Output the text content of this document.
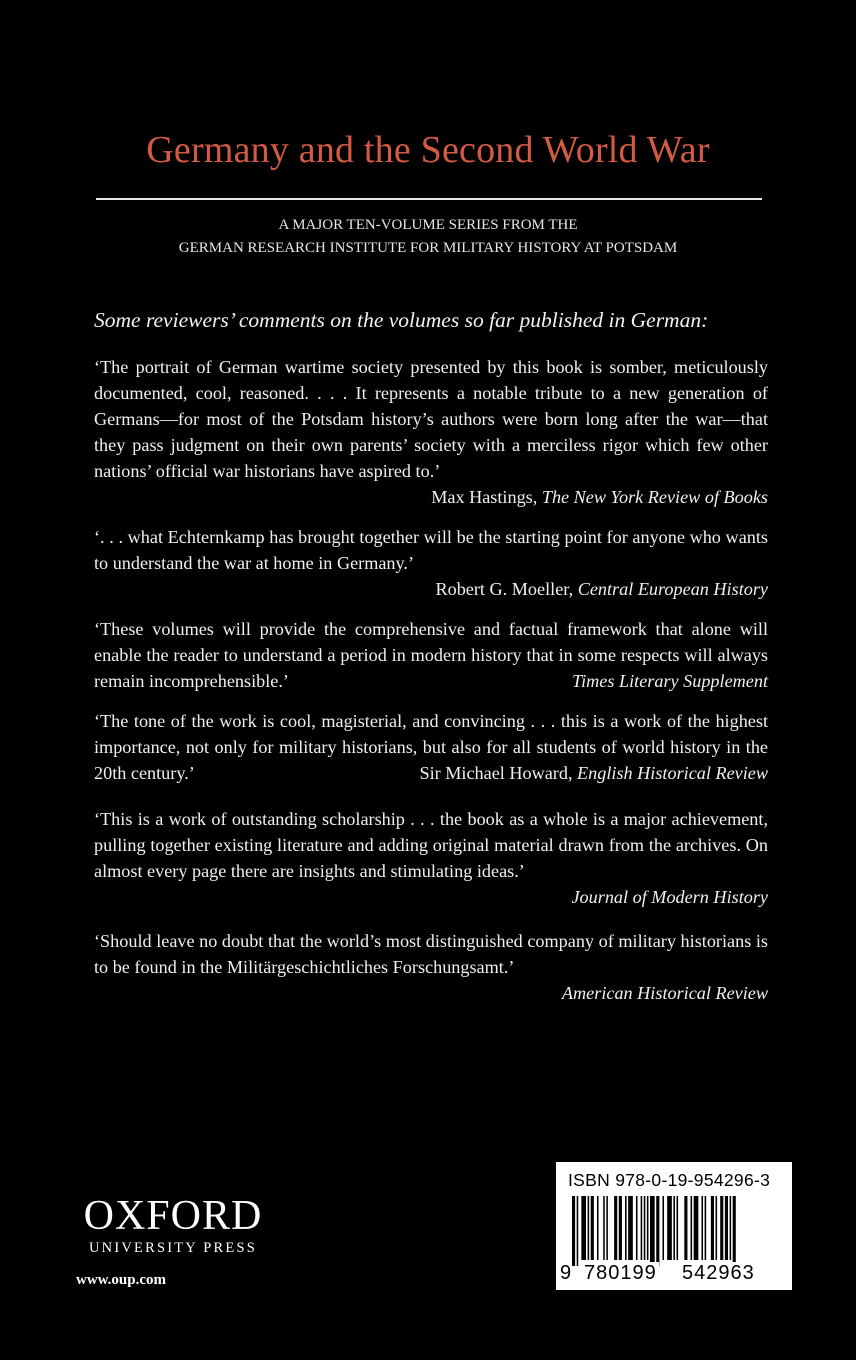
Germany and the Second World War
A MAJOR TEN-VOLUME SERIES FROM THE
GERMAN RESEARCH INSTITUTE FOR MILITARY HISTORY AT POTSDAM
Some reviewers’ comments on the volumes so far published in German:

‘The portrait of German wartime society presented by this book is somber, meticulously documented, cool, reasoned. . . . It represents a notable tribute to a new generation of Germans—for most of the Potsdam history’s authors were born long after the war—that they pass judgment on their own parents’ society with a merciless rigor which few other nations’ official war historians have aspired to.’

Max Hastings, The New York Review of Books

‘. . . what Echternkamp has brought together will be the starting point for anyone who wants to understand the war at home in Germany.’

Robert G. Moeller, Central European History

‘These volumes will provide the comprehensive and factual framework that alone will enable the reader to understand a period in modern history that in some respects will always remain incomprehensible.’	Times Literary Supplement

‘The tone of the work is cool, magisterial, and convincing . . . this is a work of the highest importance, not only for military historians, but also for all students of world history in the 20th century.’	Sir Michael Howard, English Historical Review

‘This is a work of outstanding scholarship . . . the book as a whole is a major achievement, pulling together existing literature and adding original material drawn from the archives. On almost every page there are insights and stimulating ideas.’

Journal of Modern History

‘Should leave no doubt that the world’s most distinguished company of military historians is to be found in the Militärgeschichtliches Forschungsamt.’

American Historical Review
OXFORD
UNIVERSITY PRESS
www.oup.com
ISBN 978-0-19-954296-3
9 780199 542963
